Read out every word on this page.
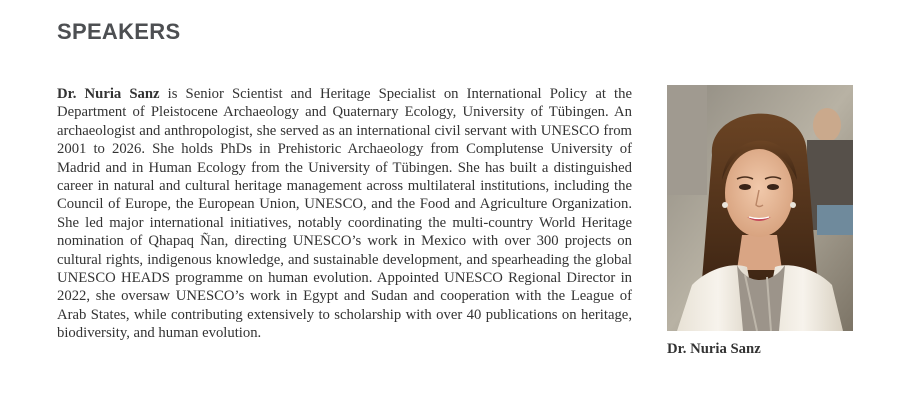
SPEAKERS

Dr. Nuria Sanz is Senior Scientist and Heritage Specialist on International Policy at the Department of Pleistocene Archaeology and Quaternary Ecology, University of Tübingen. An archaeologist and anthropologist, she served as an international civil servant with UNESCO from 2001 to 2026. She holds PhDs in Prehistoric Archaeology from Complutense University of Madrid and in Human Ecology from the University of Tübingen. She has built a distinguished career in natural and cultural heritage management across multilateral institutions, including the Council of Europe, the European Union, UNESCO, and the Food and Agriculture Organization. She led major international initiatives, notably coordinating the multi-country World Heritage nomination of Qhapaq Ñan, directing UNESCO’s work in Mexico with over 300 projects on cultural rights, indigenous knowledge, and sustainable development, and spearheading the global UNESCO HEADS programme on human evolution. Appointed UNESCO Regional Director in 2022, she oversaw UNESCO’s work in Egypt and Sudan and cooperation with the League of Arab States, while contributing extensively to scholarship with over 40 publications on heritage, biodiversity, and human evolution.

Dr. Nuria Sanz
